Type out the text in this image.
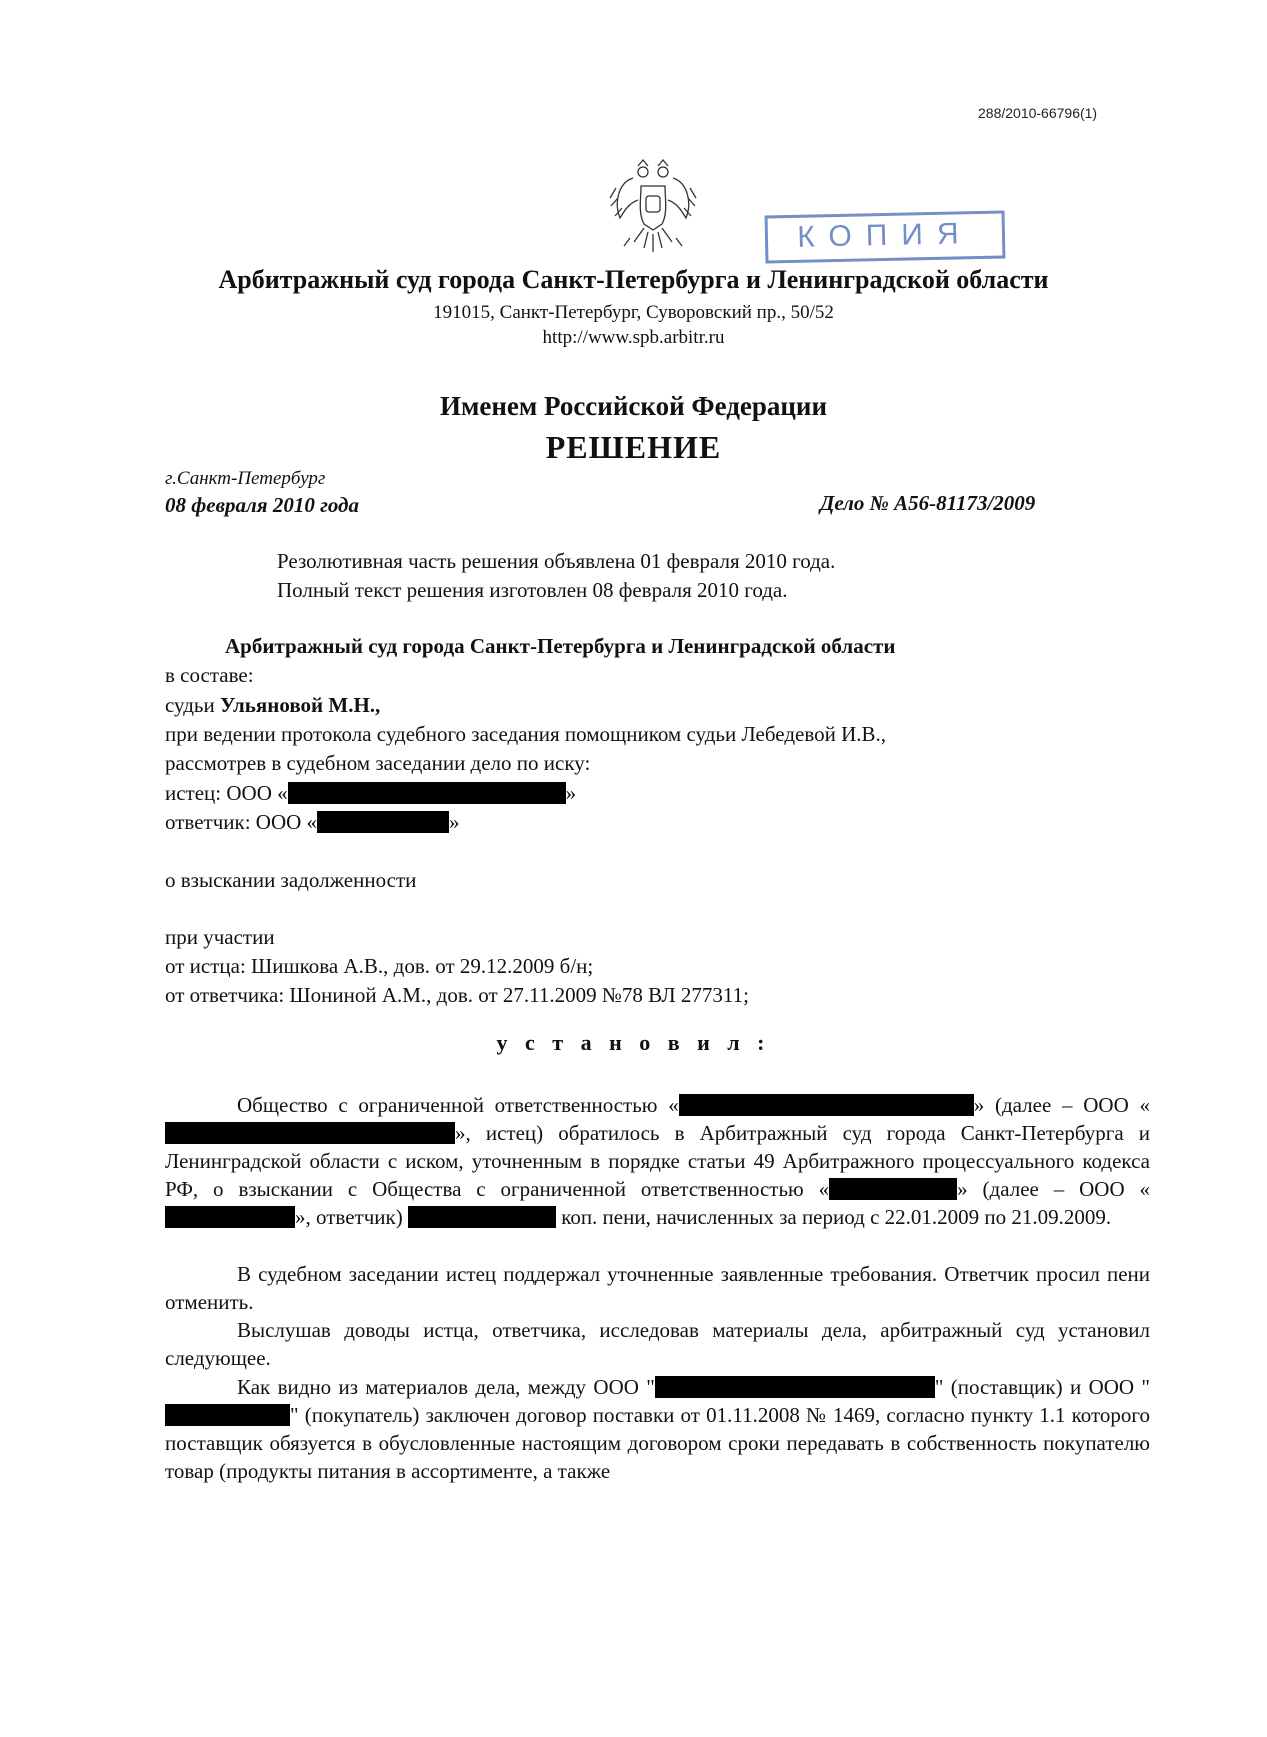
288/2010-66796(1)
КОПИЯ
Арбитражный суд города Санкт-Петербурга и Ленинградской области
191015, Санкт-Петербург, Суворовский пр., 50/52
http://www.spb.arbitr.ru
Именем Российской Федерации
РЕШЕНИЕ
г.Санкт-Петербург
08 февраля 2010 года	Дело № А56-81173/2009
Резолютивная часть решения объявлена 01 февраля 2010 года.
Полный текст решения изготовлен 08 февраля 2010 года.
Арбитражный суд города Санкт-Петербурга и Ленинградской области
в составе:
судьи Ульяновой М.Н.,
при ведении протокола судебного заседания помощником судьи Лебедевой И.В.,
рассмотрев в судебном заседании дело по иску:
истец: ООО «	»
ответчик: ООО «	»
о взыскании задолженности
при участии
от истца: Шишкова А.В., дов. от 29.12.2009 б/н;
от ответчика: Шониной А.М., дов. от 27.11.2009 №78 ВЛ 277311;
у с т а н о в и л :
Общество с ограниченной ответственностью «	» (далее – ООО «», истец) обратилось в Арбитражный суд города Санкт-Петербурга и Ленинградской области с иском, уточненным в порядке статьи 49 Арбитражного процессуального кодекса РФ, о взыскании с Общества с ограниченной ответственностью «	» (далее – ООО «», ответчик)	коп. пени, начисленных за период с 22.01.2009 по 21.09.2009.
В судебном заседании истец поддержал уточненные заявленные требования. Ответчик просил пени отменить.
Выслушав доводы истца, ответчика, исследовав материалы дела, арбитражный суд установил следующее.
Как видно из материалов дела, между ООО "	" (поставщик) и ООО "" (покупатель) заключен договор поставки от 01.11.2008 № 1469, согласно пункту 1.1 которого поставщик обязуется в обусловленные настоящим договором сроки передавать в собственность покупателю товар (продукты питания в ассортименте, а также
